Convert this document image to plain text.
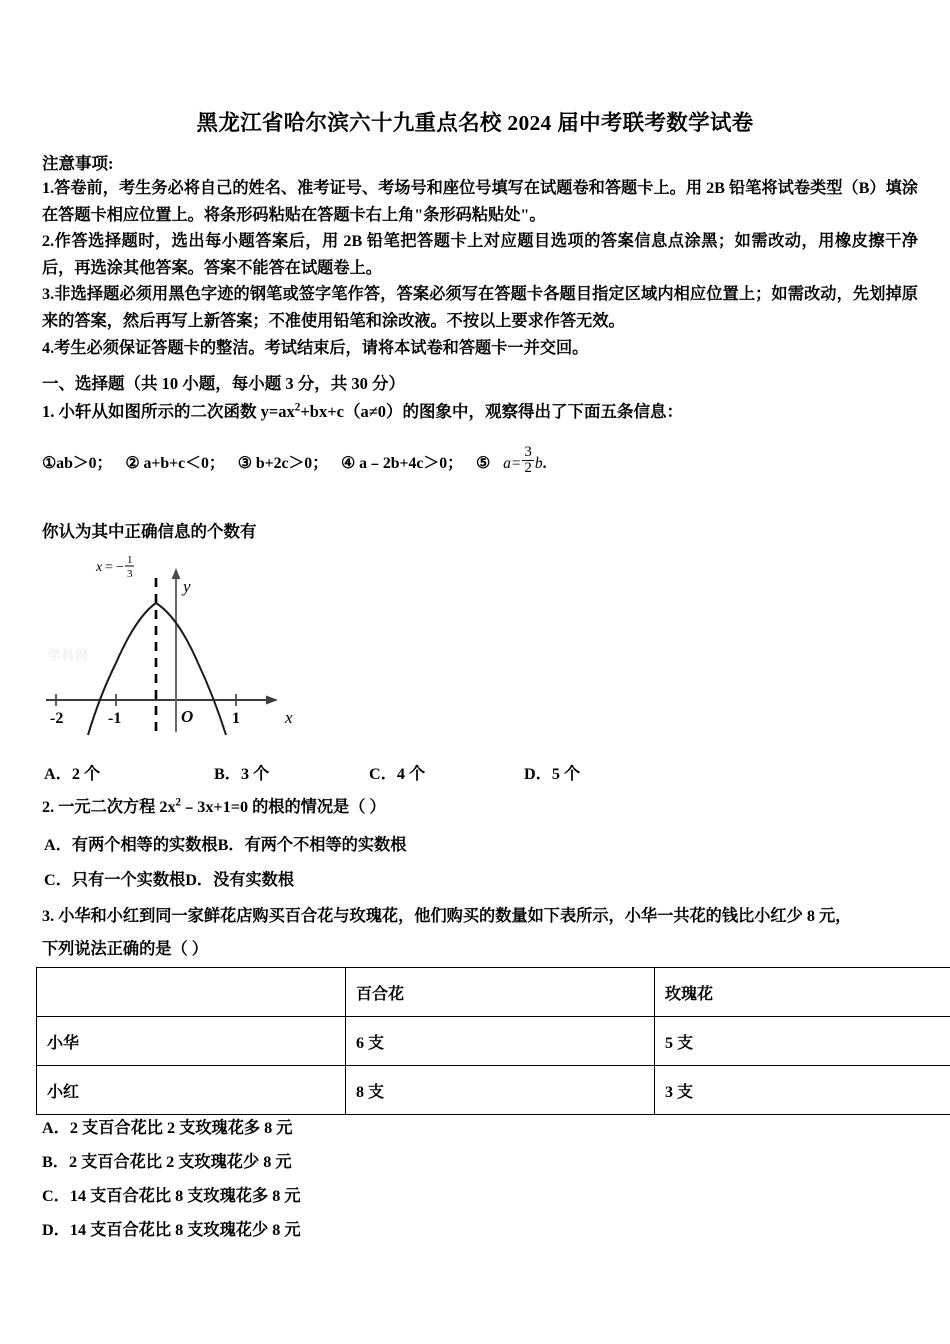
黑龙江省哈尔滨六十九重点名校 2024 届中考联考数学试卷
注意事项:

1.答卷前，考生务必将自己的姓名、准考证号、考场号和座位号填写在试题卷和答题卡上。用 2B 铅笔将试卷类型（B）填涂在答题卡相应位置上。将条形码粘贴在答题卡右上角"条形码粘贴处"。

2.作答选择题时，选出每小题答案后，用 2B 铅笔把答题卡上对应题目选项的答案信息点涂黑；如需改动，用橡皮擦干净后，再选涂其他答案。答案不能答在试题卷上。

3.非选择题必须用黑色字迹的钢笔或签字笔作答，答案必须写在答题卡各题目指定区域内相应位置上；如需改动，先划掉原来的答案，然后再写上新答案；不准使用铅笔和涂改液。不按以上要求作答无效。

4.考生必须保证答题卡的整洁。考试结束后，请将本试卷和答题卡一并交回。

一、选择题（共 10 小题，每小题 3 分，共 30 分）
1. 小轩从如图所示的二次函数 $y=ax^2+bx+c(a\ne 0)$的图象中，观察得出了下面五条信息：
①ab＞0； ② a+b+c＜0； ③ b+2c＞0； ④ a﹣2b+4c＞0； ⑤ $a= \frac{3}{2} b$.
你认为其中正确信息的个数有
学科网
-2	-1	1
O	x
y
x = − 1
3
A．2 个	B．3 个	C．4 个	D．5 个
2. 一元二次方程 $2x^2﹣3x+1=0$ 的根的情况是（ ）
A．有两个相等的实数根B．有两个不相等的实数根
C．只有一个实数根D．没有实数根
3. 小华和小红到同一家鲜花店购买百合花与玫瑰花，他们购买的数量如下表所示，小华一共花的钱比小红少 8 元，
下列说法正确的是（ ）
	百合花	玫瑰花
小华	6 支	5 支
小红	8 支	3 支
A．2 支百合花比 2 支玫瑰花多 8 元
B．2 支百合花比 2 支玫瑰花少 8 元
C．14 支百合花比 8 支玫瑰花多 8 元
D．14 支百合花比 8 支玫瑰花少 8 元
